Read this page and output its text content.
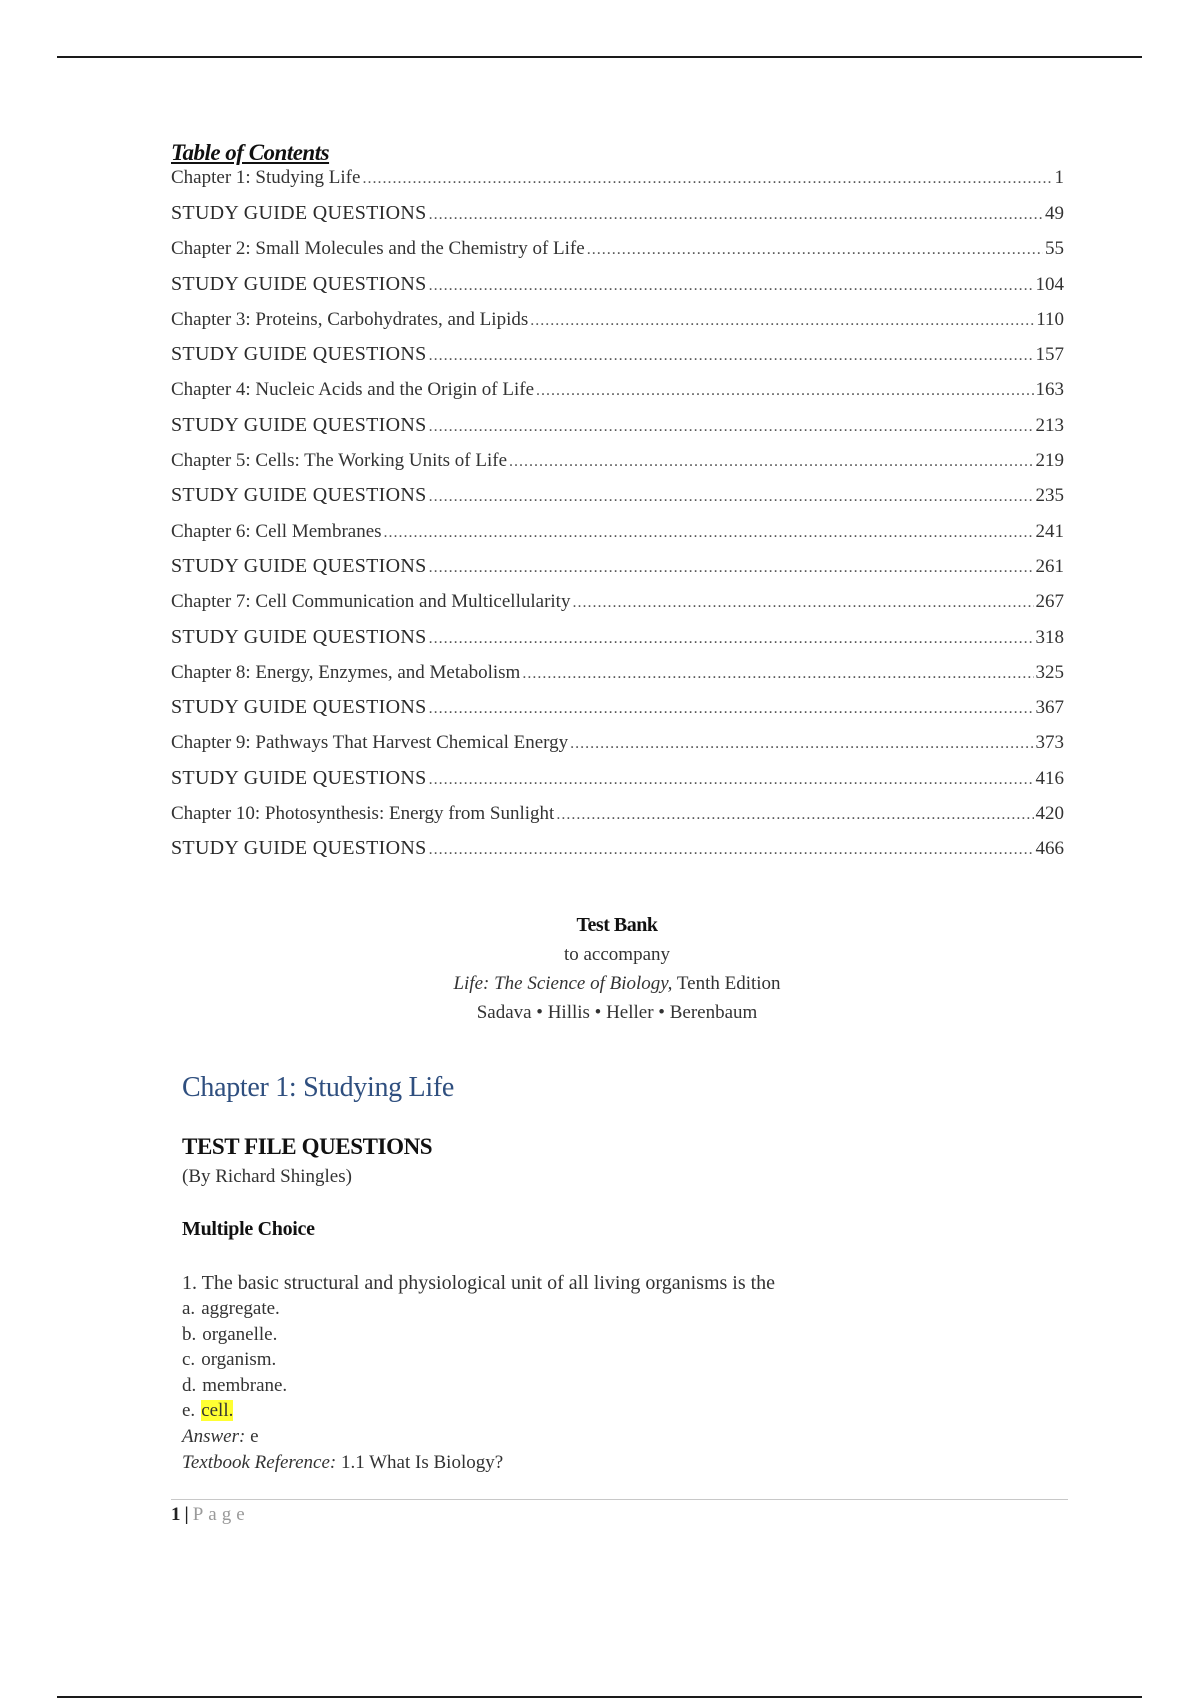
Table of Contents
Chapter 1: Studying Life .....	1
STUDY GUIDE QUESTIONS .....	49
Chapter 2: Small Molecules and the Chemistry of Life .....	55
STUDY GUIDE QUESTIONS .....	104
Chapter 3: Proteins, Carbohydrates, and Lipids .....	110
STUDY GUIDE QUESTIONS .....	157
Chapter 4: Nucleic Acids and the Origin of Life .....	163
STUDY GUIDE QUESTIONS .....	213
Chapter 5: Cells: The Working Units of Life .....	219
STUDY GUIDE QUESTIONS .....	235
Chapter 6: Cell Membranes .....	241
STUDY GUIDE QUESTIONS .....	261
Chapter 7: Cell Communication and Multicellularity .....	267
STUDY GUIDE QUESTIONS .....	318
Chapter 8: Energy, Enzymes, and Metabolism .....	325
STUDY GUIDE QUESTIONS .....	367
Chapter 9: Pathways That Harvest Chemical Energy .....	373
STUDY GUIDE QUESTIONS .....	416
Chapter 10: Photosynthesis: Energy from Sunlight .....	420
STUDY GUIDE QUESTIONS .....	466
Test Bank
to accompany
Life: The Science of Biology, Tenth Edition
Sadava • Hillis • Heller • Berenbaum
Chapter 1: Studying Life
TEST FILE QUESTIONS
(By Richard Shingles)
Multiple Choice
1. The basic structural and physiological unit of all living organisms is the
a. aggregate.
b. organelle.
c. organism.
d. membrane.
e. cell.
Answer: e
Textbook Reference: 1.1 What Is Biology?
1 | Page
